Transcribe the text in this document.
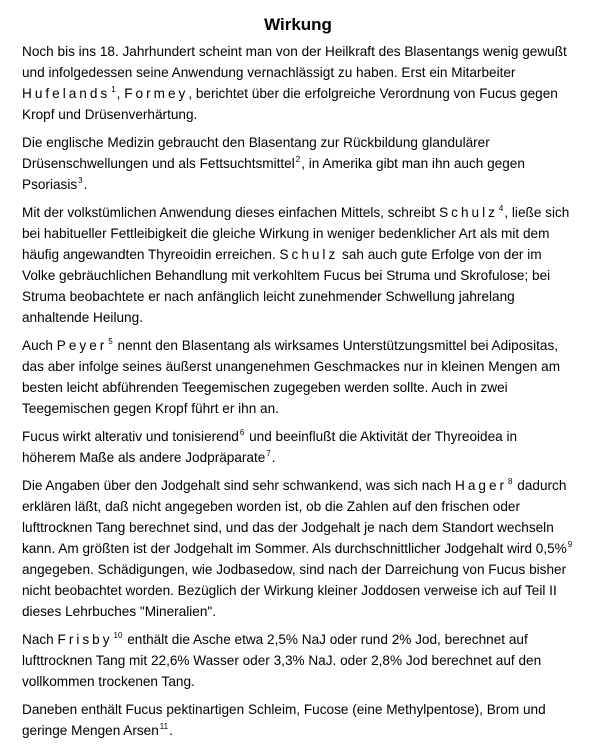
Wirkung

Noch bis ins 18. Jahrhundert scheint man von der Heilkraft des Blasentangs wenig gewußt und infolgedessen seine Anwendung vernachlässigt zu haben. Erst ein Mitarbeiter Hufelands$^1$, Formey, berichtet über die erfolgreiche Verordnung von Fucus gegen Kropf und Drüsenverhärtung.

Die englische Medizin gebraucht den Blasentang zur Rückbildung glandulärer Drüsenschwellungen und als Fettsuchtsmittel$^2$, in Amerika gibt man ihn auch gegen Psoriasis$^3$.

Mit der volkstümlichen Anwendung dieses einfachen Mittels, schreibt Schulz$^4$, ließe sich bei habitueller Fettleibigkeit die gleiche Wirkung in weniger bedenklicher Art als mit dem häufig angewandten Thyreoidin erreichen. Schulz sah auch gute Erfolge von der im Volke gebräuchlichen Behandlung mit verkohltem Fucus bei Struma und Skrofulose; bei Struma beobachtete er nach anfänglich leicht zunehmender Schwellung jahrelang anhaltende Heilung.

Auch Peyer$^5$ nennt den Blasentang als wirksames Unterstützungsmittel bei Adipositas, das aber infolge seines äußerst unangenehmen Geschmackes nur in kleinen Mengen am besten leicht abführenden Teegemischen zugegeben werden sollte. Auch in zwei Teegemischen gegen Kropf führt er ihn an.

Fucus wirkt alterativ und tonisierend$^6$ und beeinflußt die Aktivität der Thyreoidea in höherem Maße als andere Jodpräparate$^7$.

Die Angaben über den Jodgehalt sind sehr schwankend, was sich nach Hager$^8$ dadurch erklären läßt, daß nicht angegeben worden ist, ob die Zahlen auf den frischen oder lufttrocknen Tang berechnet sind, und das der Jodgehalt je nach dem Standort wechseln kann. Am größten ist der Jodgehalt im Sommer. Als durchschnittlicher Jodgehalt wird 0,5%$^9$ angegeben. Schädigungen, wie Jodbasedow, sind nach der Darreichung von Fucus bisher nicht beobachtet worden. Bezüglich der Wirkung kleiner Joddosen verweise ich auf Teil II dieses Lehrbuches "Mineralien".

Nach Frisby$^{10}$ enthält die Asche etwa 2,5% NaJ oder rund 2% Jod, berechnet auf lufttrocknen Tang mit 22,6% Wasser oder 3,3% NaJ. oder 2,8% Jod berechnet auf den vollkommen trockenen Tang.

Daneben enthält Fucus pektinartigen Schleim, Fucose (eine Methylpentose), Brom und geringe Mengen Arsen$^{11}$.
